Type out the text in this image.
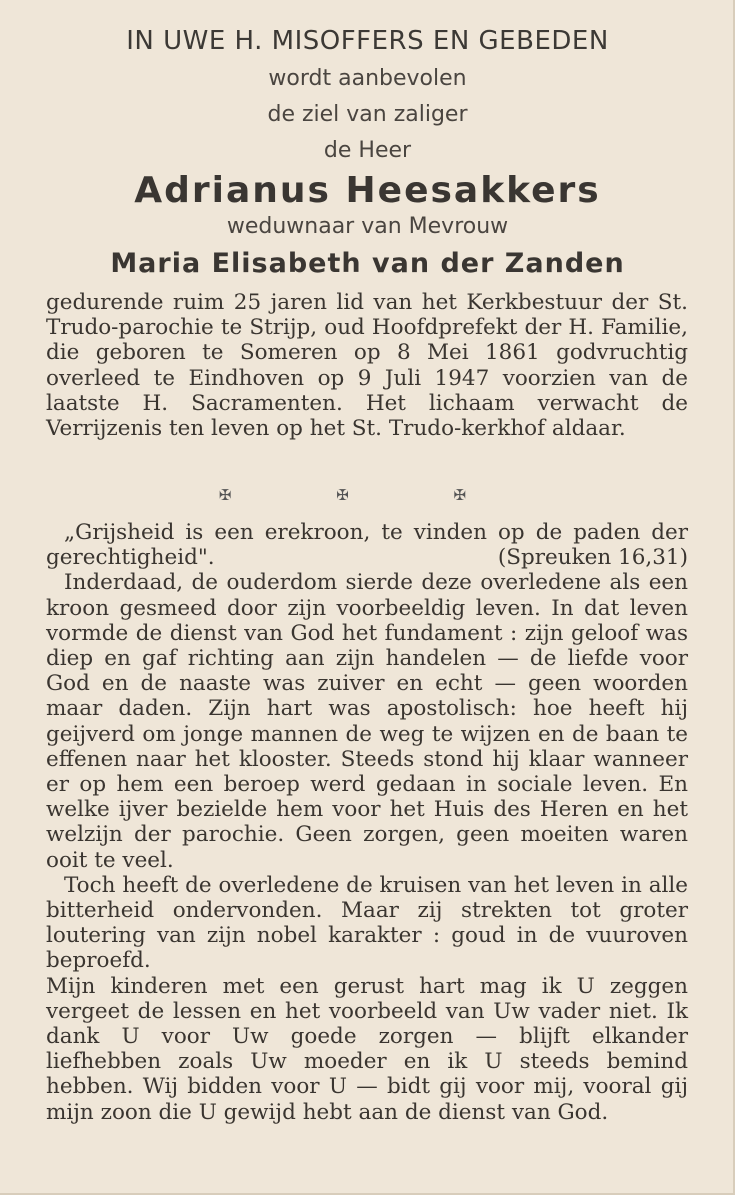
IN UWE H. MISOFFERS EN GEBEDEN
wordt aanbevolen
de ziel van zaliger
de Heer
Adrianus Heesakkers
weduwnaar van Mevrouw
Maria Elisabeth van der Zanden

gedurende ruim 25 jaren lid van het Kerkbestuur der St. Trudo-parochie te Strijp, oud Hoofdprefekt der H. Familie, die geboren te Someren op 8 Mei 1861 godvruchtig overleed te Eindhoven op 9 Juli 1947 voorzien van de laatste H. Sacramenten. Het lichaam verwacht de Verrijzenis ten leven op het St. Trudo-kerkhof aldaar.

✠ ✠ ✠

„Grijsheid is een erekroon, te vinden op de paden der gerechtigheid".	(Spreuken 16,31)

Inderdaad, de ouderdom sierde deze overledene als een kroon gesmeed door zijn voorbeeldig leven. In dat leven vormde de dienst van God het fundament : zijn geloof was diep en gaf richting aan zijn handelen — de liefde voor God en de naaste was zuiver en echt — geen woorden maar daden. Zijn hart was apostolisch: hoe heeft hij geijverd om jonge mannen de weg te wijzen en de baan te effenen naar het klooster. Steeds stond hij klaar wanneer er op hem een beroep werd gedaan in sociale leven. En welke ijver bezielde hem voor het Huis des Heren en het welzijn der parochie. Geen zorgen, geen moeiten waren ooit te veel.

Toch heeft de overledene de kruisen van het leven in alle bitterheid ondervonden. Maar zij strekten tot groter loutering van zijn nobel karakter : goud in de vuuroven beproefd.

Mijn kinderen met een gerust hart mag ik U zeggen vergeet de lessen en het voorbeeld van Uw vader niet. Ik dank U voor Uw goede zorgen — blijft elkander liefhebben zoals Uw moeder en ik U steeds bemind hebben. Wij bidden voor U — bidt gij voor mij, vooral gij mijn zoon die U gewijd hebt aan de dienst van God.
